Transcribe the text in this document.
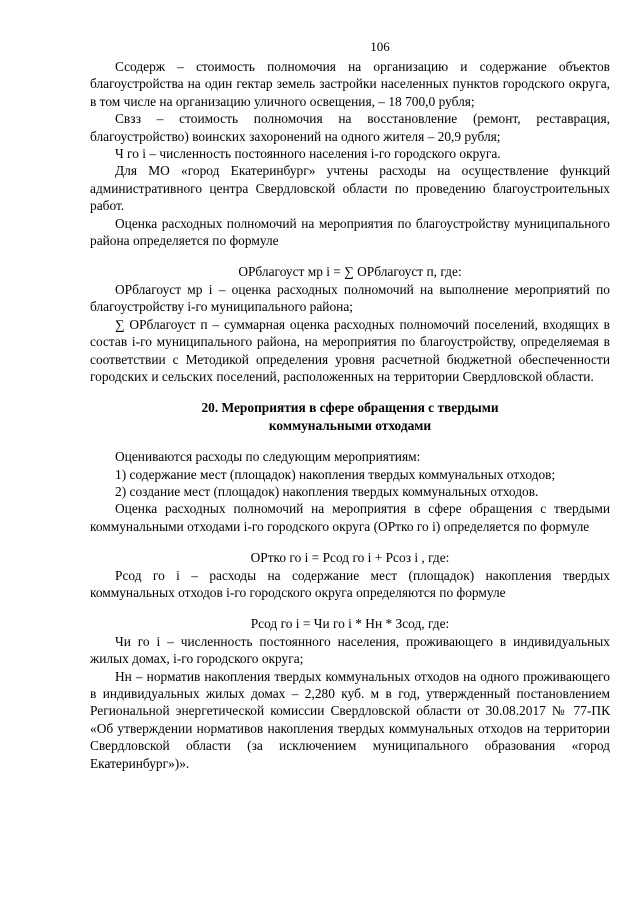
106

Ссодерж – стоимость полномочия на организацию и содержание объектов благоустройства на один гектар земель застройки населенных пунктов городского округа, в том числе на организацию уличного освещения, – 18 700,0 рубля;

Свзз – стоимость полномочия на восстановление (ремонт, реставрация, благоустройство) воинских захоронений на одного жителя – 20,9 рубля;

Ч го i – численность постоянного населения i-го городского округа.

Для МО «город Екатеринбург» учтены расходы на осуществление функций административного центра Свердловской области по проведению благоустроительных работ.

Оценка расходных полномочий на мероприятия по благоустройству муниципального района определяется по формуле

ОРблагоуст мр i = ∑ ОРблагоуст п, где:

ОРблагоуст мр i – оценка расходных полномочий на выполнение мероприятий по благоустройству i-го муниципального района;

∑ ОРблагоуст п – суммарная оценка расходных полномочий поселений, входящих в состав i-го муниципального района, на мероприятия по благоустройству, определяемая в соответствии с Методикой определения уровня расчетной бюджетной обеспеченности городских и сельских поселений, расположенных на территории Свердловской области.

20. Мероприятия в сфере обращения с твердыми
коммунальными отходами

Оцениваются расходы по следующим мероприятиям:

1) содержание мест (площадок) накопления твердых коммунальных отходов;

2) создание мест (площадок) накопления твердых коммунальных отходов.

Оценка расходных полномочий на мероприятия в сфере обращения с твердыми коммунальными отходами i-го городского округа (ОРтко го i) определяется по формуле

ОРтко го i = Рсод го i + Рсоз i , где:

Рсод го i – расходы на содержание мест (площадок) накопления твердых коммунальных отходов i-го городского округа определяются по формуле

Рсод го i = Чи го i * Нн * Зсод, где:

Чи го i – численность постоянного населения, проживающего в индивидуальных жилых домах, i-го городского округа;

Нн – норматив накопления твердых коммунальных отходов на одного проживающего в индивидуальных жилых домах – 2,280 куб. м в год, утвержденный постановлением Региональной энергетической комиссии Свердловской области от 30.08.2017 № 77-ПК «Об утверждении нормативов накопления твердых коммунальных отходов на территории Свердловской области (за исключением муниципального образования «город Екатеринбург»)».
